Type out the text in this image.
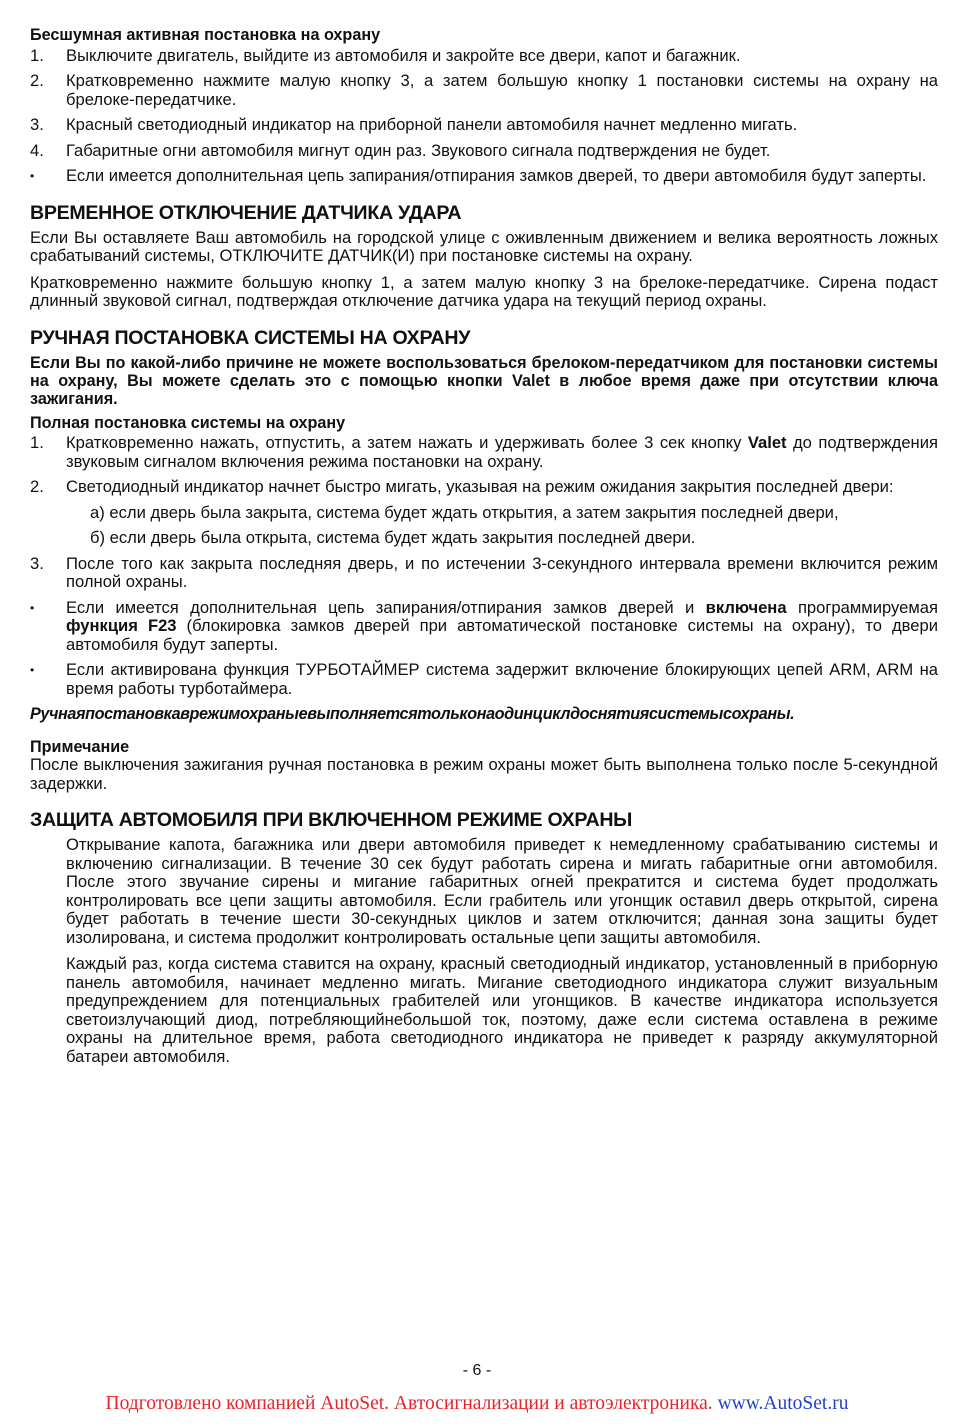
Бесшумная активная постановка на охрану
1. Выключите двигатель, выйдите из автомобиля и закройте все двери, капот и багажник.
2. Кратковременно нажмите малую кнопку 3, а затем большую кнопку 1 постановки системы на охрану на брелоке-передатчике.
3. Красный светодиодный индикатор на приборной панели автомобиля начнет медленно мигать.
4. Габаритные огни автомобиля мигнут один раз. Звукового сигнала подтверждения не будет.
• Если имеется дополнительная цепь запирания/отпирания замков дверей, то двери автомобиля будут заперты.
ВРЕМЕННОЕ ОТКЛЮЧЕНИЕ ДАТЧИКА УДАРА

Если Вы оставляете Ваш автомобиль на городской улице с оживленным движением и велика вероятность ложных срабатываний системы, ОТКЛЮЧИТЕ ДАТЧИК(И) при постановке системы на охрану.

Кратковременно нажмите большую кнопку 1, а затем малую кнопку 3 на брелоке-передатчике. Сирена подаст длинный звуковой сигнал, подтверждая отключение датчика удара на текущий период охраны.

РУЧНАЯ ПОСТАНОВКА СИСТЕМЫ НА ОХРАНУ

Если Вы по какой-либо причине не можете воспользоваться брелоком-передатчиком для постановки системы на охрану, Вы можете сделать это с помощью кнопки Valet в любое время даже при отсутствии ключа зажигания.

Полная постановка системы на охрану
1. Кратковременно нажать, отпустить, а затем нажать и удерживать более 3 сек кнопку Valet до подтверждения звуковым сигналом включения режима постановки на охрану.
2. Светодиодный индикатор начнет быстро мигать, указывая на режим ожидания закрытия последней двери:
а) если дверь была закрыта, система будет ждать открытия, а затем закрытия последней двери,
б) если дверь была открыта, система будет ждать закрытия последней двери.
3. После того как закрыта последняя дверь, и по истечении 3-секундного интервала времени включится режим полной охраны.
• Если имеется дополнительная цепь запирания/отпирания замков дверей и включена программируемая функция F23 (блокировка замков дверей при автоматической постановке системы на охрану), то двери автомобиля будут заперты.
• Если активирована функция ТУРБОТАЙМЕР система задержит включение блокирующих цепей ARM, ARM на время работы турботаймера.

Ручнаяпостановкаврежимохраныевыполняетсятольконаодинциклдоснятиясистемысохраны.

Примечание

После выключения зажигания ручная постановка в режим охраны может быть выполнена только после 5-секундной задержки.

ЗАЩИТА АВТОМОБИЛЯ ПРИ ВКЛЮЧЕННОМ РЕЖИМЕ ОХРАНЫ

Открывание капота, багажника или двери автомобиля приведет к немедленному срабатыванию системы и включению сигнализации. В течение 30 сек будут работать сирена и мигать габаритные огни автомобиля. После этого звучание сирены и мигание габаритных огней прекратится и система будет продолжать контролировать все цепи защиты автомобиля. Если грабитель или угонщик оставил дверь открытой, сирена будет работать в течение шести 30-секундных циклов и затем отключится; данная зона защиты будет изолирована, и система продолжит контролировать остальные цепи защиты автомобиля.

Каждый раз, когда система ставится на охрану, красный светодиодный индикатор, установленный в приборную панель автомобиля, начинает медленно мигать. Мигание светодиодного индикатора служит визуальным предупреждением для потенциальных грабителей или угонщиков. В качестве индикатора используется светоизлучающий диод, потребляющийнебольшой ток, поэтому, даже если система оставлена в режиме охраны на длительное время, работа светодиодного индикатора не приведет к разряду аккумуляторной батареи автомобиля.

- 6 -
Подготовлено компанией AutoSet. Автосигнализации и автоэлектроника. www.AutoSet.ru
